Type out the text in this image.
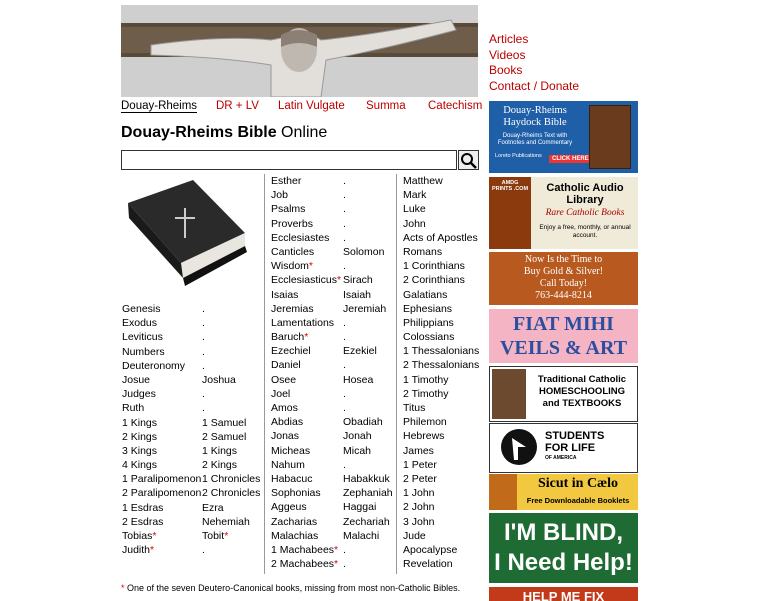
Articles
Videos
Books
Contact / Donate
Douay-Rheims DR + LV Latin Vulgate Summa Catechism
Douay-Rheims Bible Online
Genesis
Exodus
Leviticus
Numbers
Deuteronomy
Josue
Judges
Ruth
1 Kings
2 Kings
3 Kings
4 Kings
1 Paralipomenon
2 Paralipomenon
1 Esdras
2 Esdras
Tobias*
Judith*
.
.
.
.
.
Joshua
.
.
1 Samuel
2 Samuel
1 Kings
2 Kings
1 Chronicles
2 Chronicles
Ezra
Nehemiah
Tobit*
.
Esther
Job
Psalms
Proverbs
Ecclesiastes
Canticles
Wisdom*
Ecclesiasticus*
Isaias
Jeremias
Lamentations
Baruch*
Ezechiel
Daniel
Osee
Joel
Amos
Abdias
Jonas
Micheas
Nahum
Habacuc
Sophonias
Aggeus
Zacharias
Malachias
1 Machabees*
2 Machabees*
.
.
.
.
.
Solomon
.
Sirach
Isaiah
Jeremiah
.
.
Ezekiel
.
Hosea
.
.
Obadiah
Jonah
Micah
.
Habakkuk
Zephaniah
Haggai
Zechariah
Malachi
.
.
Matthew
Mark
Luke
John
Acts of Apostles
Romans
1 Corinthians
2 Corinthians
Galatians
Ephesians
Philippians
Colossians
1 Thessalonians
2 Thessalonians
1 Timothy
2 Timothy
Titus
Philemon
Hebrews
James
1 Peter
2 Peter
1 John
2 John
3 John
Jude
Apocalypse
Revelation
* One of the seven Deutero-Canonical books, missing from most non-Catholic Bibles.
Douay-Rheims Haydock Bible
Douay-Rheims Text with Footnotes and Commentary
Loreto Publications	CLICK HERE
AMDG PRINTS .COM	Catholic Audio Library
Rare Catholic Books
Enjoy a free, monthly, or annual account.
Now Is the Time to
Buy Gold & Silver!
Call Today!
763-444-8214
FIAT MIHI
VEILS & ART
Traditional Catholic
HOMESCHOOLING
and TEXTBOOKS
STUDENTS
FOR LIFE
OF AMERICA
Sicut in Cælo
Free Downloadable Booklets
I'M BLIND,
I Need Help!
HELP ME FIX
